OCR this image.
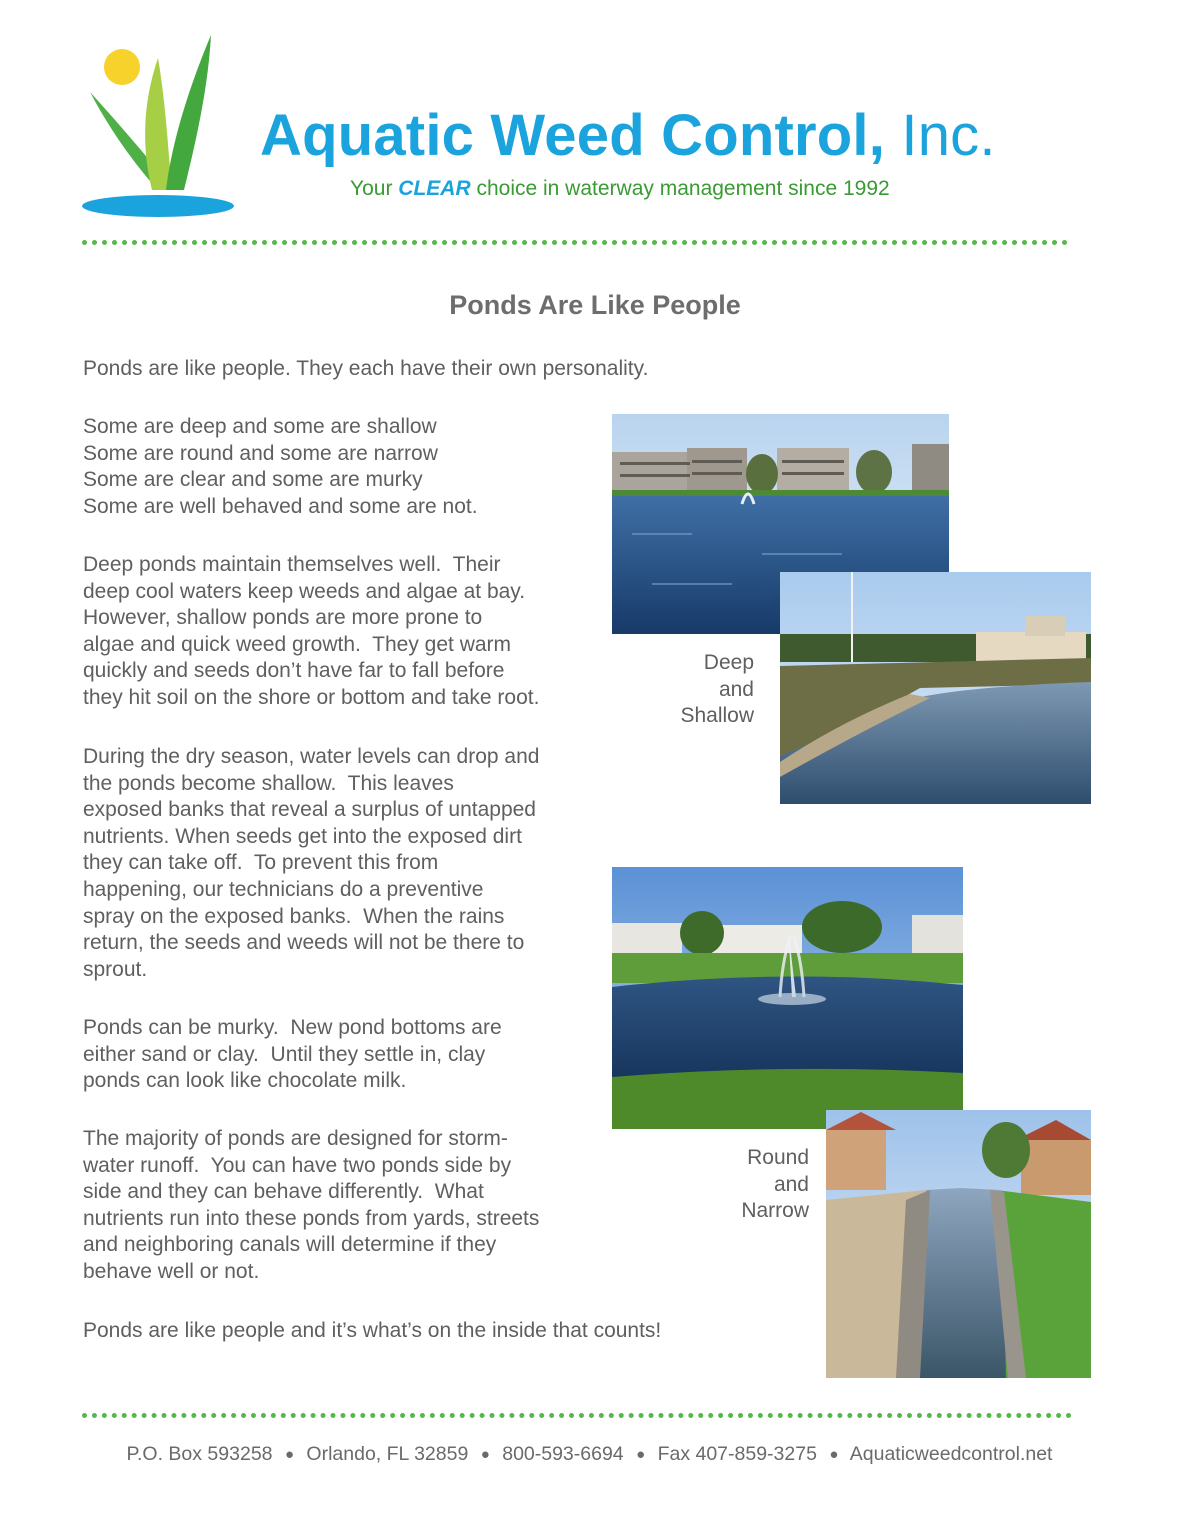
Aquatic Weed Control, Inc.
Your CLEAR choice in waterway management since 1992
Ponds Are Like People
Ponds are like people. They each have their own personality.
Some are deep and some are shallow
Some are round and some are narrow
Some are clear and some are murky
Some are well behaved and some are not.
Deep ponds maintain themselves well.  Their
deep cool waters keep weeds and algae at bay.
However, shallow ponds are more prone to
algae and quick weed growth.  They get warm
quickly and seeds don’t have far to fall before
they hit soil on the shore or bottom and take root.
During the dry season, water levels can drop and
the ponds become shallow.  This leaves
exposed banks that reveal a surplus of untapped
nutrients. When seeds get into the exposed dirt
they can take off.  To prevent this from
happening, our technicians do a preventive
spray on the exposed banks.  When the rains
return, the seeds and weeds will not be there to
sprout.
Ponds can be murky.  New pond bottoms are
either sand or clay.  Until they settle in, clay
ponds can look like chocolate milk.
The majority of ponds are designed for storm-
water runoff.  You can have two ponds side by
side and they can behave differently.  What
nutrients run into these ponds from yards, streets
and neighboring canals will determine if they
behave well or not.
Ponds are like people and it’s what’s on the inside that counts!
Deep
and
Shallow
Round
and
Narrow
P.O. Box 593258 ● Orlando, FL 32859 ● 800-593-6694 ● Fax 407-859-3275 ● Aquaticweedcontrol.net
